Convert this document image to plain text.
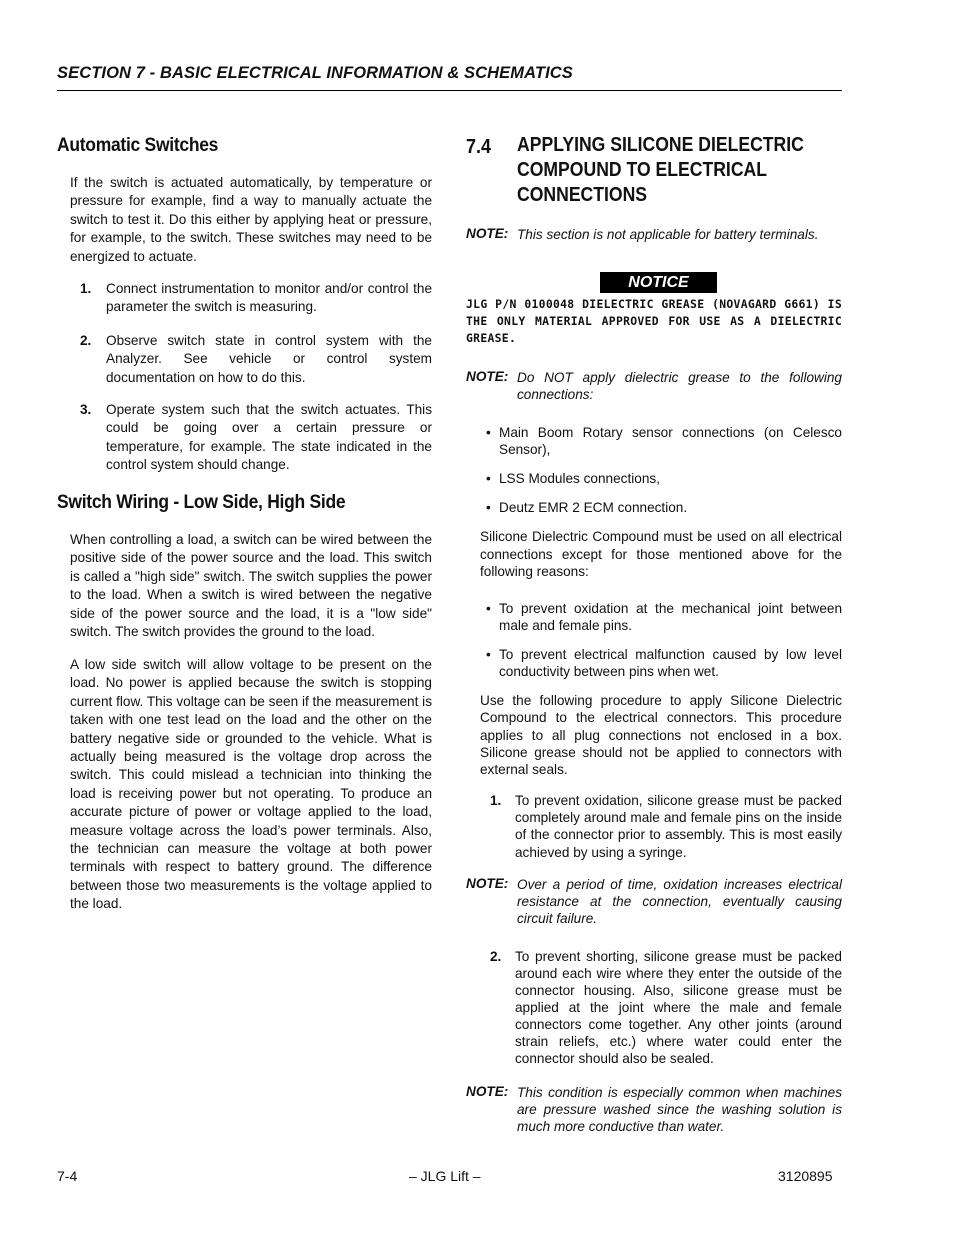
SECTION 7 - BASIC ELECTRICAL INFORMATION & SCHEMATICS
Automatic Switches

If the switch is actuated automatically, by temperature or pressure for example, find a way to manually actuate the switch to test it. Do this either by applying heat or pressure, for example, to the switch. These switches may need to be energized to actuate.

1. Connect instrumentation to monitor and/or control the parameter the switch is measuring.

2. Observe switch state in control system with the Analyzer. See vehicle or control system documentation on how to do this.

3. Operate system such that the switch actuates. This could be going over a certain pressure or temperature, for example. The state indicated in the control system should change.

Switch Wiring - Low Side, High Side

When controlling a load, a switch can be wired between the positive side of the power source and the load. This switch is called a "high side" switch. The switch supplies the power to the load. When a switch is wired between the negative side of the power source and the load, it is a "low side" switch. The switch provides the ground to the load.

A low side switch will allow voltage to be present on the load. No power is applied because the switch is stopping current flow. This voltage can be seen if the measurement is taken with one test lead on the load and the other on the battery negative side or grounded to the vehicle. What is actually being measured is the voltage drop across the switch. This could mislead a technician into thinking the load is receiving power but not operating. To produce an accurate picture of power or voltage applied to the load, measure voltage across the load’s power terminals. Also, the technician can measure the voltage at both power terminals with respect to battery ground. The difference between those two measurements is the voltage applied to the load.

7.4 APPLYING SILICONE DIELECTRIC COMPOUND TO ELECTRICAL CONNECTIONS
NOTE: This section is not applicable for battery terminals.

NOTICE

JLG P/N 0100048 DIELECTRIC GREASE (NOVAGARD G661) IS THE ONLY MATERIAL APPROVED FOR USE AS A DIELECTRIC GREASE.

NOTE: Do NOT apply dielectric grease to the following connections:

• Main Boom Rotary sensor connections (on Celesco Sensor),

• LSS Modules connections,

• Deutz EMR 2 ECM connection.

Silicone Dielectric Compound must be used on all electrical connections except for those mentioned above for the following reasons:

• To prevent oxidation at the mechanical joint between male and female pins.

• To prevent electrical malfunction caused by low level conductivity between pins when wet.

Use the following procedure to apply Silicone Dielectric Compound to the electrical connectors. This procedure applies to all plug connections not enclosed in a box. Silicone grease should not be applied to connectors with external seals.

1. To prevent oxidation, silicone grease must be packed completely around male and female pins on the inside of the connector prior to assembly. This is most easily achieved by using a syringe.

NOTE: Over a period of time, oxidation increases electrical resistance at the connection, eventually causing circuit failure.

2. To prevent shorting, silicone grease must be packed around each wire where they enter the outside of the connector housing. Also, silicone grease must be applied at the joint where the male and female connectors come together. Any other joints (around strain reliefs, etc.) where water could enter the connector should also be sealed.

NOTE: This condition is especially common when machines are pressure washed since the washing solution is much more conductive than water.

7-4	– JLG Lift –	3120895
